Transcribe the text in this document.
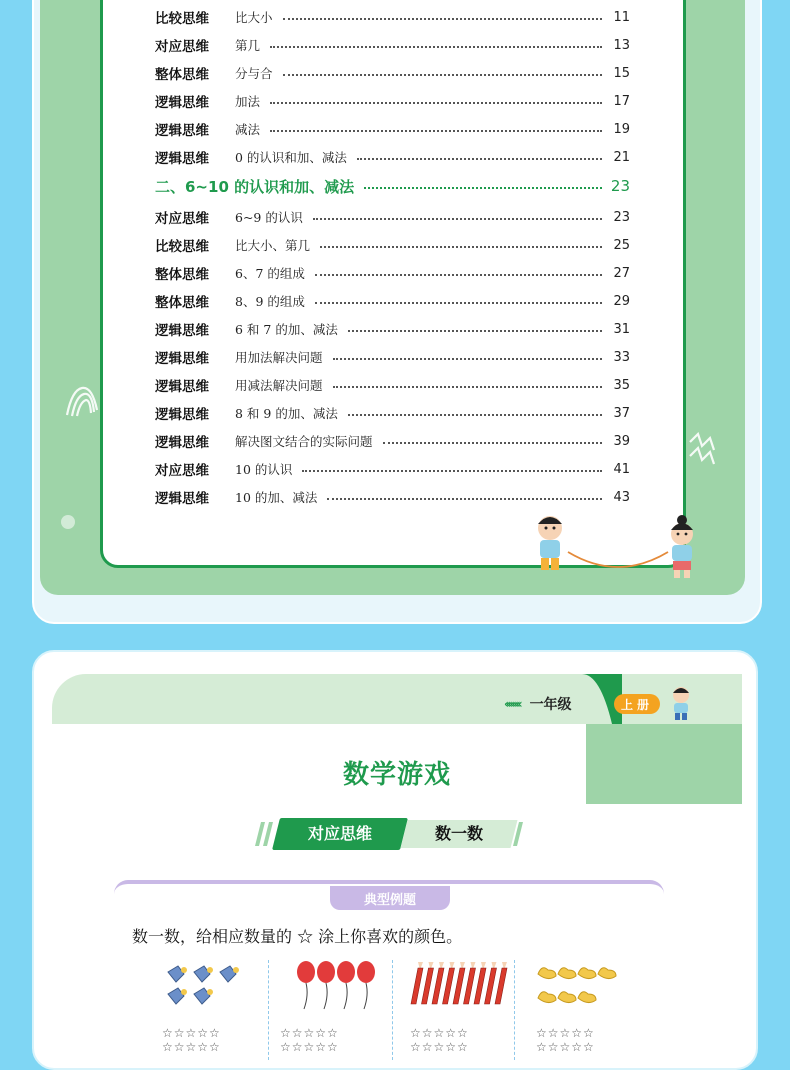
比较思维	比大小	11
对应思维	第几	13
整体思维	分与合	15
逻辑思维	加法	17
逻辑思维	减法	19
逻辑思维	0 的认识和加、减法	21
二、6~10 的认识和加、减法	23
对应思维	6~9 的认识	23
比较思维	比大小、第几	25
整体思维	6、7 的组成	27
整体思维	8、9 的组成	29
逻辑思维	6 和 7 的加、减法	31
逻辑思维	用加法解决问题	33
逻辑思维	用减法解决问题	35
逻辑思维	8 和 9 的加、减法	37
逻辑思维	解决图文结合的实际问题	39
对应思维	10 的认识	41
逻辑思维	10 的加、减法	43
‹‹‹‹‹‹‹‹ 一年级	上册
数学游戏
对应思维	数一数
典型例题
数一数，给相应数量的 ☆ 涂上你喜欢的颜色。
☆☆☆☆☆
☆☆☆☆☆
☆☆☆☆☆
☆☆☆☆☆
☆☆☆☆☆
☆☆☆☆☆
☆☆☆☆☆
☆☆☆☆☆
